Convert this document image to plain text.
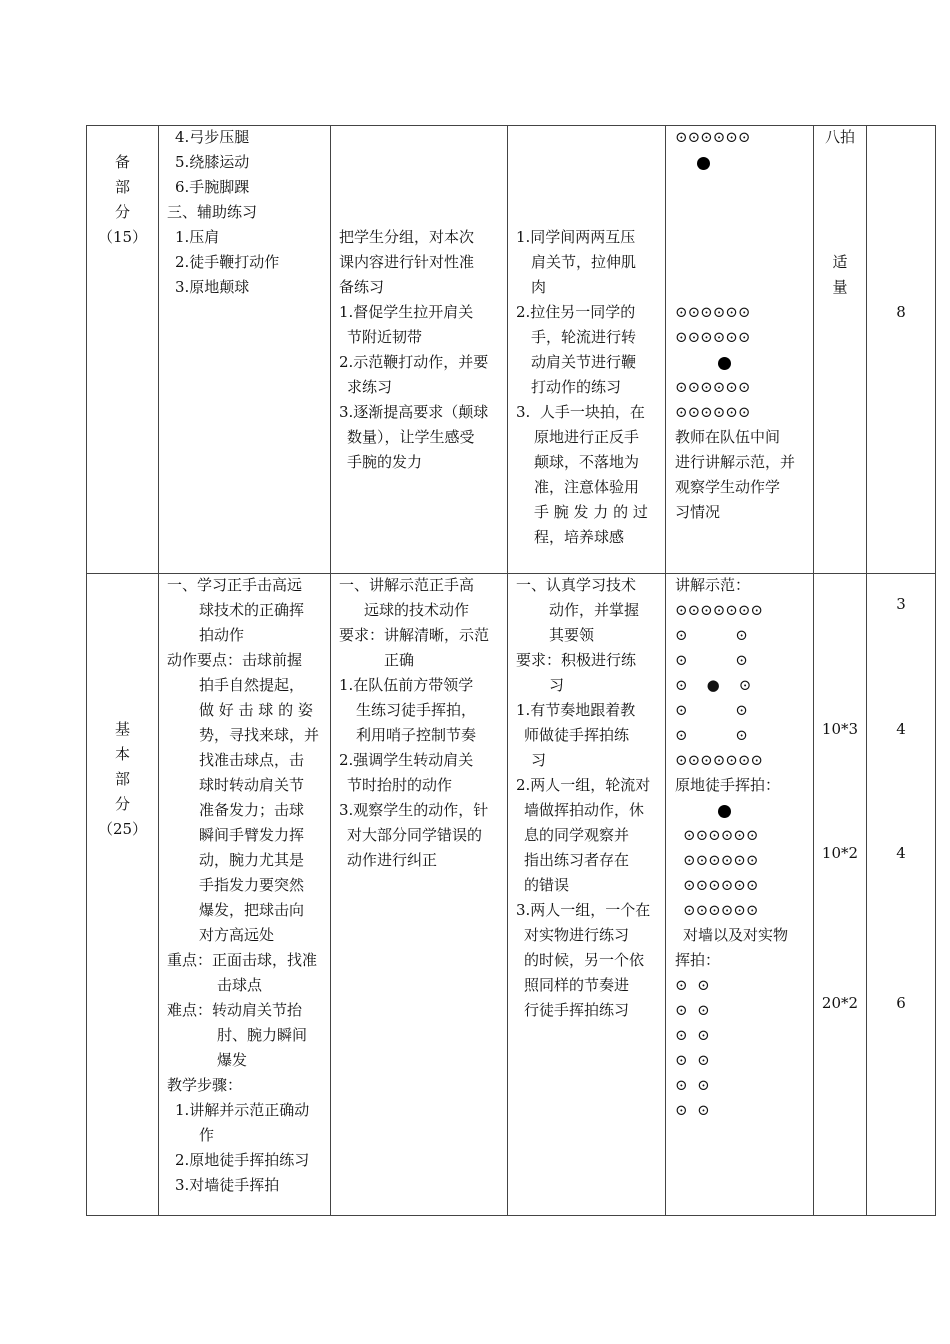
备
部
分
（15）
4.弓步压腿
5.绕膝运动
6.手腕脚踝
三、辅助练习
1.压肩
2.徒手鞭打动作
3.原地颠球
把学生分组，对本次
课内容进行针对性准
备练习
1.督促学生拉开肩关
节附近韧带
2.示范鞭打动作，并要
求练习
3.逐渐提高要求（颠球
数量），让学生感受
手腕的发力
1.同学间两两互压
肩关节，拉伸肌
肉
2.拉住另一同学的
手，轮流进行转
动肩关节进行鞭
打动作的练习
3.  人手一块拍，在
原地进行正反手
颠球，不落地为
准，注意体验用
手 腕 发 力 的 过
程，培养球感
⊙⊙⊙⊙⊙⊙
⊙⊙⊙⊙⊙⊙
⊙⊙⊙⊙⊙⊙
⊙⊙⊙⊙⊙⊙
⊙⊙⊙⊙⊙⊙
教师在队伍中间
进行讲解示范，并
观察学生动作学
习情况
八拍
适
量
8
基
本
部
分
（25）
一、学习正手击高远
球技术的正确挥
拍动作
动作要点：击球前握
拍手自然提起，
做 好 击 球 的 姿
势，寻找来球，并
找准击球点，击
球时转动肩关节
准备发力；击球
瞬间手臂发力挥
动，腕力尤其是
手指发力要突然
爆发，把球击向
对方高远处
重点：正面击球，找准
击球点
难点：转动肩关节抬
肘、腕力瞬间
爆发
教学步骤：
1.讲解并示范正确动
作
2.原地徒手挥拍练习
3.对墙徒手挥拍
一、讲解示范正手高
远球的技术动作
要求：讲解清晰，示范
正确
1.在队伍前方带领学
生练习徒手挥拍，
利用哨子控制节奏
2.强调学生转动肩关
节时抬肘的动作
3.观察学生的动作，针
对大部分同学错误的
动作进行纠正
一、认真学习技术
动作，并掌握
其要领
要求：积极进行练
习
1.有节奏地跟着教
师做徒手挥拍练
习
2.两人一组，轮流对
墙做挥拍动作，休
息的同学观察并
指出练习者存在
的错误
3.两人一组，一个在
对实物进行练习
的时候，另一个依
照同样的节奏进
行徒手挥拍练习
讲解示范：
⊙⊙⊙⊙⊙⊙⊙
⊙          ⊙
⊙          ⊙
⊙    ●    ⊙
⊙          ⊙
⊙          ⊙
⊙⊙⊙⊙⊙⊙⊙
原地徒手挥拍：
⊙⊙⊙⊙⊙⊙
⊙⊙⊙⊙⊙⊙
⊙⊙⊙⊙⊙⊙
⊙⊙⊙⊙⊙⊙
对墙以及对实物
挥拍：
⊙  ⊙
⊙  ⊙
⊙  ⊙
⊙  ⊙
⊙  ⊙
⊙  ⊙
10*3
10*2
20*2
3
4
4
6
